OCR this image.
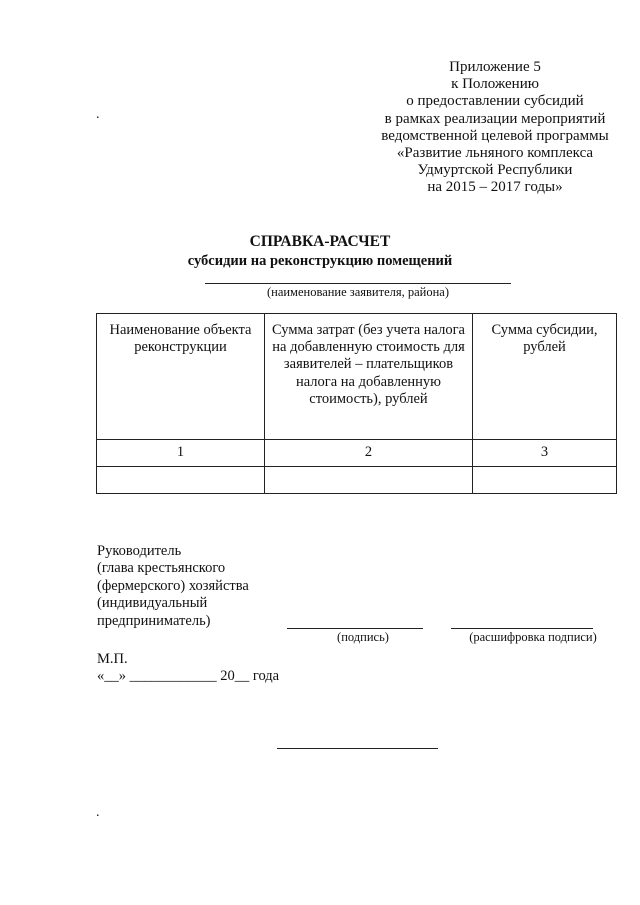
Приложение 5
к Положению
о предоставлении субсидий
в рамках реализации мероприятий
ведомственной целевой программы
«Развитие льняного комплекса
Удмуртской Республики
на 2015 – 2017 годы»
.
СПРАВКА-РАСЧЕТ
субсидии на реконструкцию помещений
(наименование заявителя, района)
Наименование объекта реконструкции	Сумма затрат (без учета налога на добавленную стоимость для заявителей – плательщиков налога на добавленную стоимость), рублей	Сумма субсидии, рублей
1	2	3

Руководитель
(глава крестьянского
(фермерского) хозяйства
(индивидуальный
предприниматель)
(подпись)	(расшифровка подписи)
М.П.
«__» ____________ 20__ года
.
